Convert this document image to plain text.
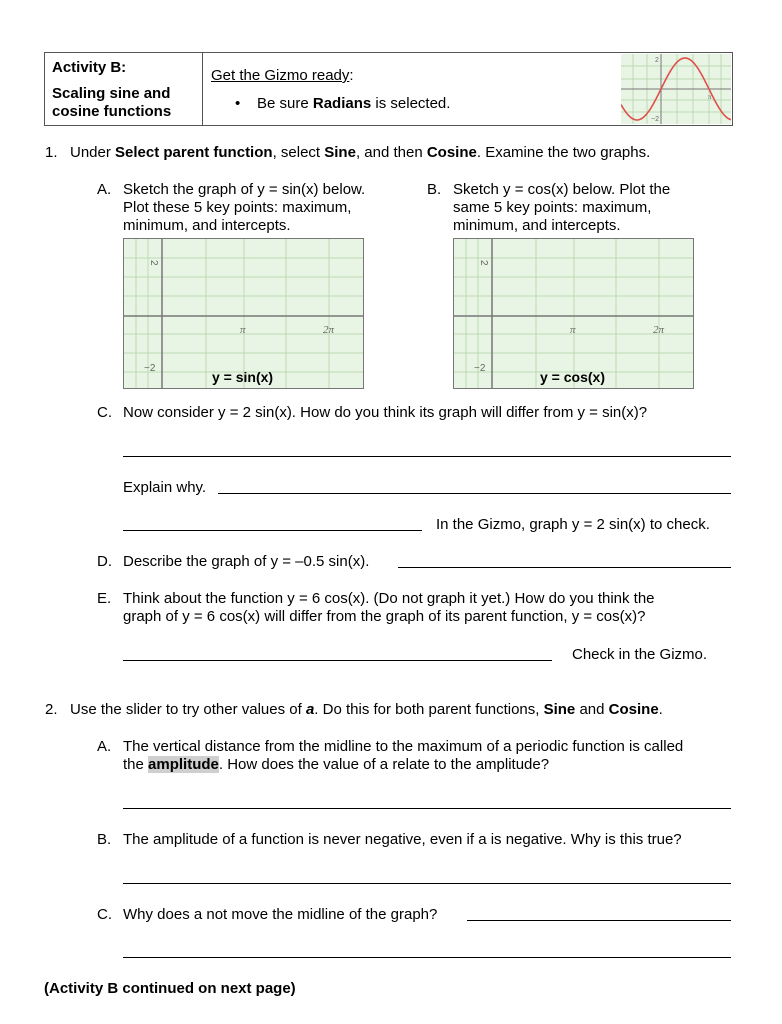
Activity B:
Scaling sine and
cosine functions
Get the Gizmo ready:
• Be sure Radians is selected.
2
−2
π
1. Under Select parent function, select Sine, and then Cosine. Examine the two graphs.
A. Sketch the graph of y = sin(x) below.
Plot these 5 key points: maximum,
minimum, and intercepts.
B. Sketch y = cos(x) below. Plot the
same 5 key points: maximum,
minimum, and intercepts.
2
−2
π	2π
y = sin(x)
2
−2
π	2π
y = cos(x)
C. Now consider y = 2 sin(x). How do you think its graph will differ from y = sin(x)?
Explain why.
In the Gizmo, graph y = 2 sin(x) to check.
D. Describe the graph of y = –0.5 sin(x).
E. Think about the function y = 6 cos(x). (Do not graph it yet.) How do you think the
graph of y = 6 cos(x) will differ from the graph of its parent function, y = cos(x)?
Check in the Gizmo.
2. Use the slider to try other values of a. Do this for both parent functions, Sine and Cosine.
A. The vertical distance from the midline to the maximum of a periodic function is called
the amplitude. How does the value of a relate to the amplitude?
B. The amplitude of a function is never negative, even if a is negative. Why is this true?
C. Why does a not move the midline of the graph?
(Activity B continued on next page)
